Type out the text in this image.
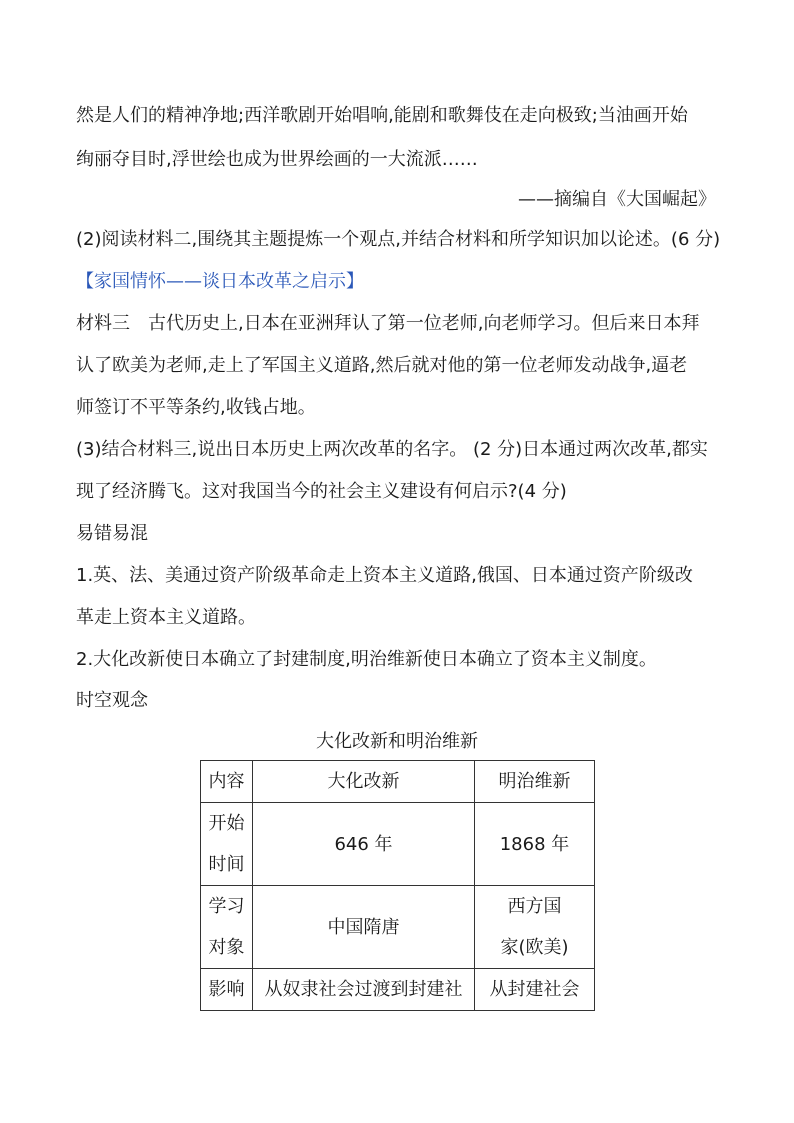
然是人们的精神净地;西洋歌剧开始唱响,能剧和歌舞伎在走向极致;当油画开始
绚丽夺目时,浮世绘也成为世界绘画的一大流派……
——摘编自《大国崛起》
(2)阅读材料二,围绕其主题提炼一个观点,并结合材料和所学知识加以论述。(6 分)
【家国情怀——谈日本改革之启示】
材料三　古代历史上,日本在亚洲拜认了第一位老师,向老师学习。但后来日本拜
认了欧美为老师,走上了军国主义道路,然后就对他的第一位老师发动战争,逼老
师签订不平等条约,收钱占地。
(3)结合材料三,说出日本历史上两次改革的名字。 (2 分)日本通过两次改革,都实
现了经济腾飞。这对我国当今的社会主义建设有何启示?(4 分)
易错易混
1.英、法、美通过资产阶级革命走上资本主义道路,俄国、日本通过资产阶级改
革走上资本主义道路。
2.大化改新使日本确立了封建制度,明治维新使日本确立了资本主义制度。
时空观念
大化改新和明治维新
内容	大化改新	明治维新

开始
时间	646 年	1868 年

学习
对象	中国隋唐	西方国
家(欧美)

影响	从奴隶社会过渡到封建社	从封建社会
